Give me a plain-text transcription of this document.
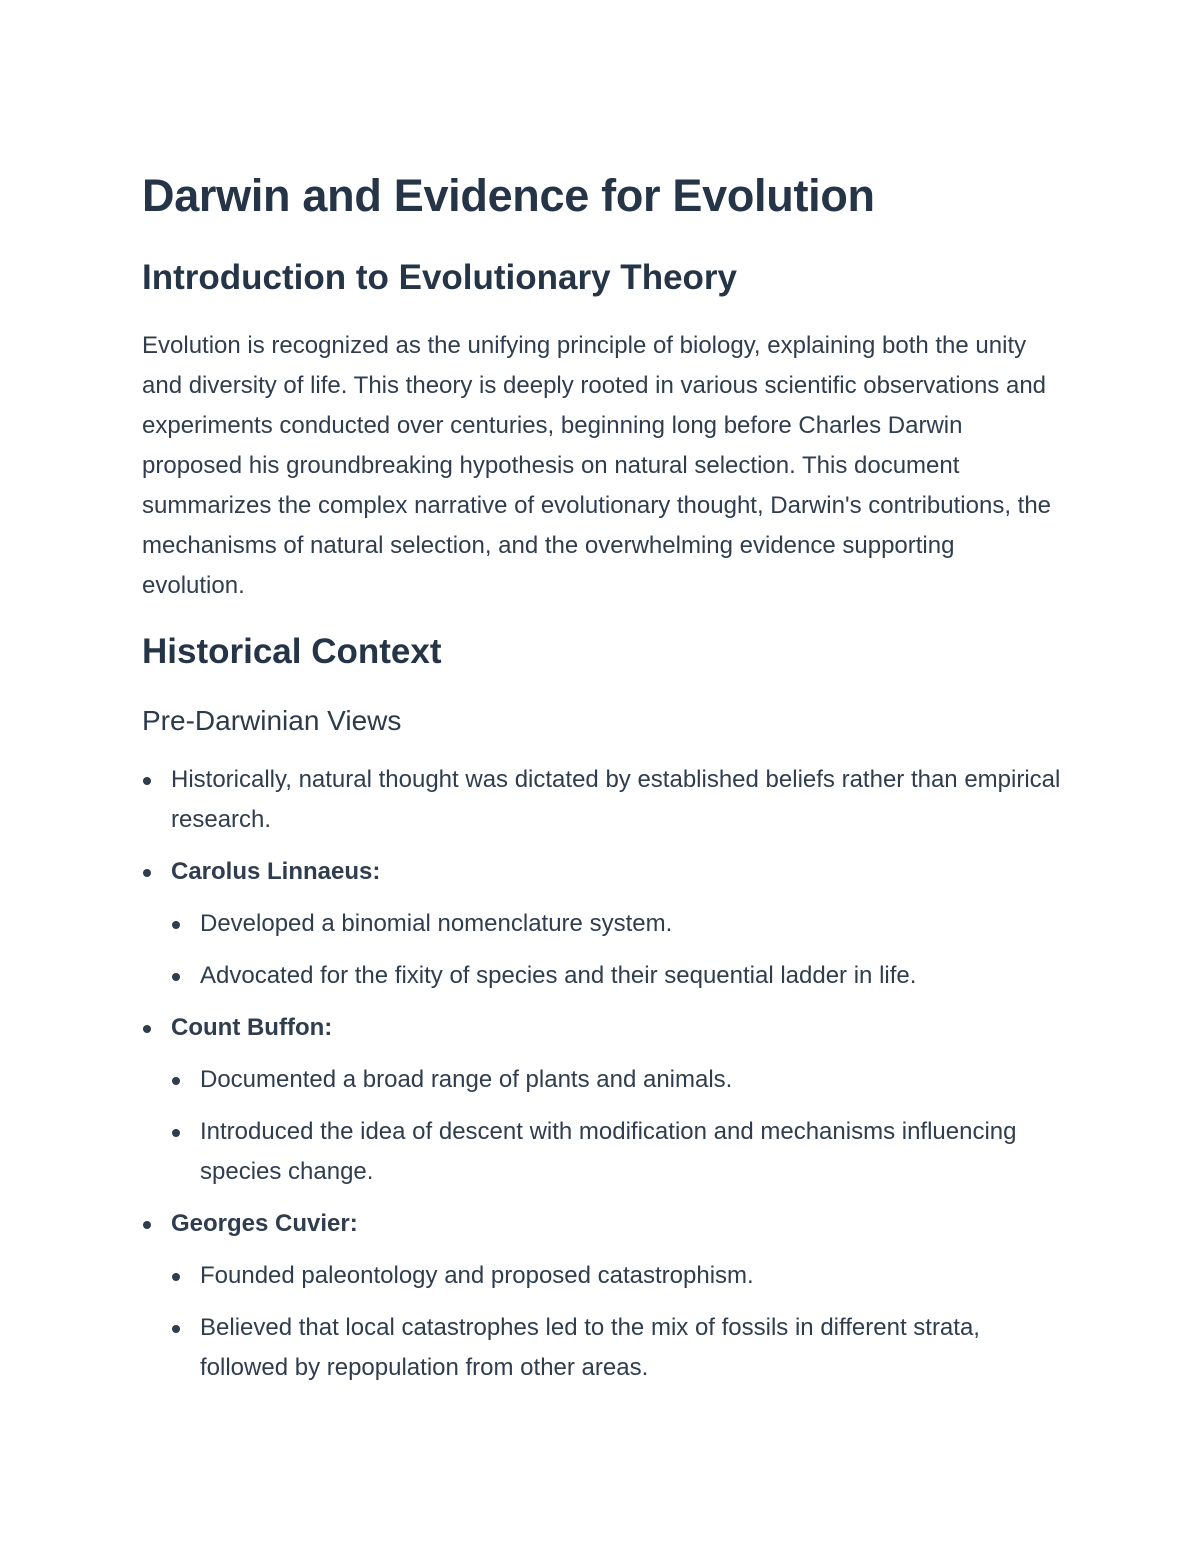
Darwin and Evidence for Evolution
Introduction to Evolutionary Theory

Evolution is recognized as the unifying principle of biology, explaining both the unity and diversity of life. This theory is deeply rooted in various scientific observations and experiments conducted over centuries, beginning long before Charles Darwin proposed his groundbreaking hypothesis on natural selection. This document summarizes the complex narrative of evolutionary thought, Darwin's contributions, the mechanisms of natural selection, and the overwhelming evidence supporting evolution.

Historical Context
Pre-Darwinian Views
Historically, natural thought was dictated by established beliefs rather than empirical research.
Carolus Linnaeus:
Developed a binomial nomenclature system.
Advocated for the fixity of species and their sequential ladder in life.
Count Buffon:
Documented a broad range of plants and animals.
Introduced the idea of descent with modification and mechanisms influencing species change.
Georges Cuvier:
Founded paleontology and proposed catastrophism.
Believed that local catastrophes led to the mix of fossils in different strata, followed by repopulation from other areas.
